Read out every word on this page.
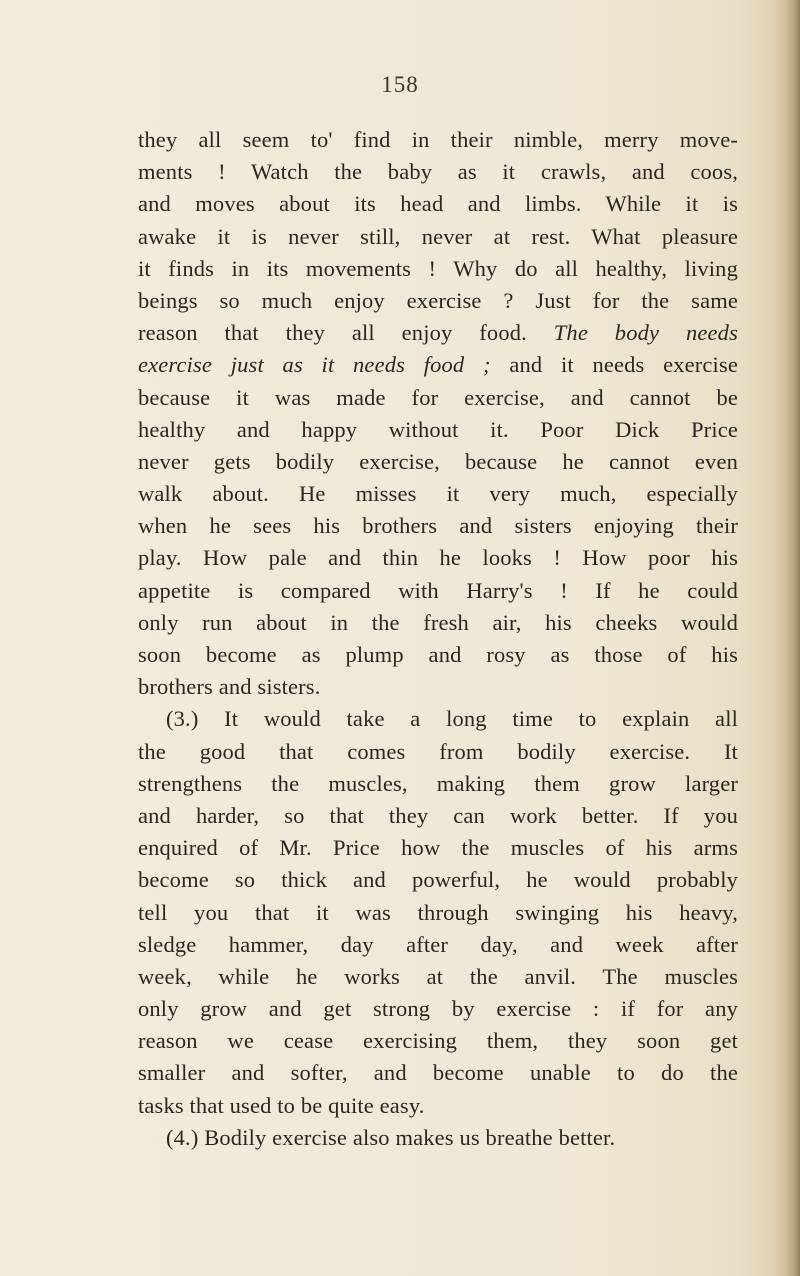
158
they all seem to' find in their nimble, merry move-
ments ! Watch the baby as it crawls, and coos,
and moves about its head and limbs. While it is
awake it is never still, never at rest. What pleasure
it finds in its movements ! Why do all healthy, living
beings so much enjoy exercise ? Just for the same
reason that they all enjoy food. The body needs
exercise just as it needs food ; and it needs exercise
because it was made for exercise, and cannot be
healthy and happy without it. Poor Dick Price
never gets bodily exercise, because he cannot even
walk about. He misses it very much, especially
when he sees his brothers and sisters enjoying their
play. How pale and thin he looks ! How poor his
appetite is compared with Harry's ! If he could
only run about in the fresh air, his cheeks would
soon become as plump and rosy as those of his
brothers and sisters.
(3.) It would take a long time to explain all
the good that comes from bodily exercise. It
strengthens the muscles, making them grow larger
and harder, so that they can work better. If you
enquired of Mr. Price how the muscles of his arms
become so thick and powerful, he would probably
tell you that it was through swinging his heavy,
sledge hammer, day after day, and week after
week, while he works at the anvil. The muscles
only grow and get strong by exercise : if for any
reason we cease exercising them, they soon get
smaller and softer, and become unable to do the
tasks that used to be quite easy.
(4.) Bodily exercise also makes us breathe better.
